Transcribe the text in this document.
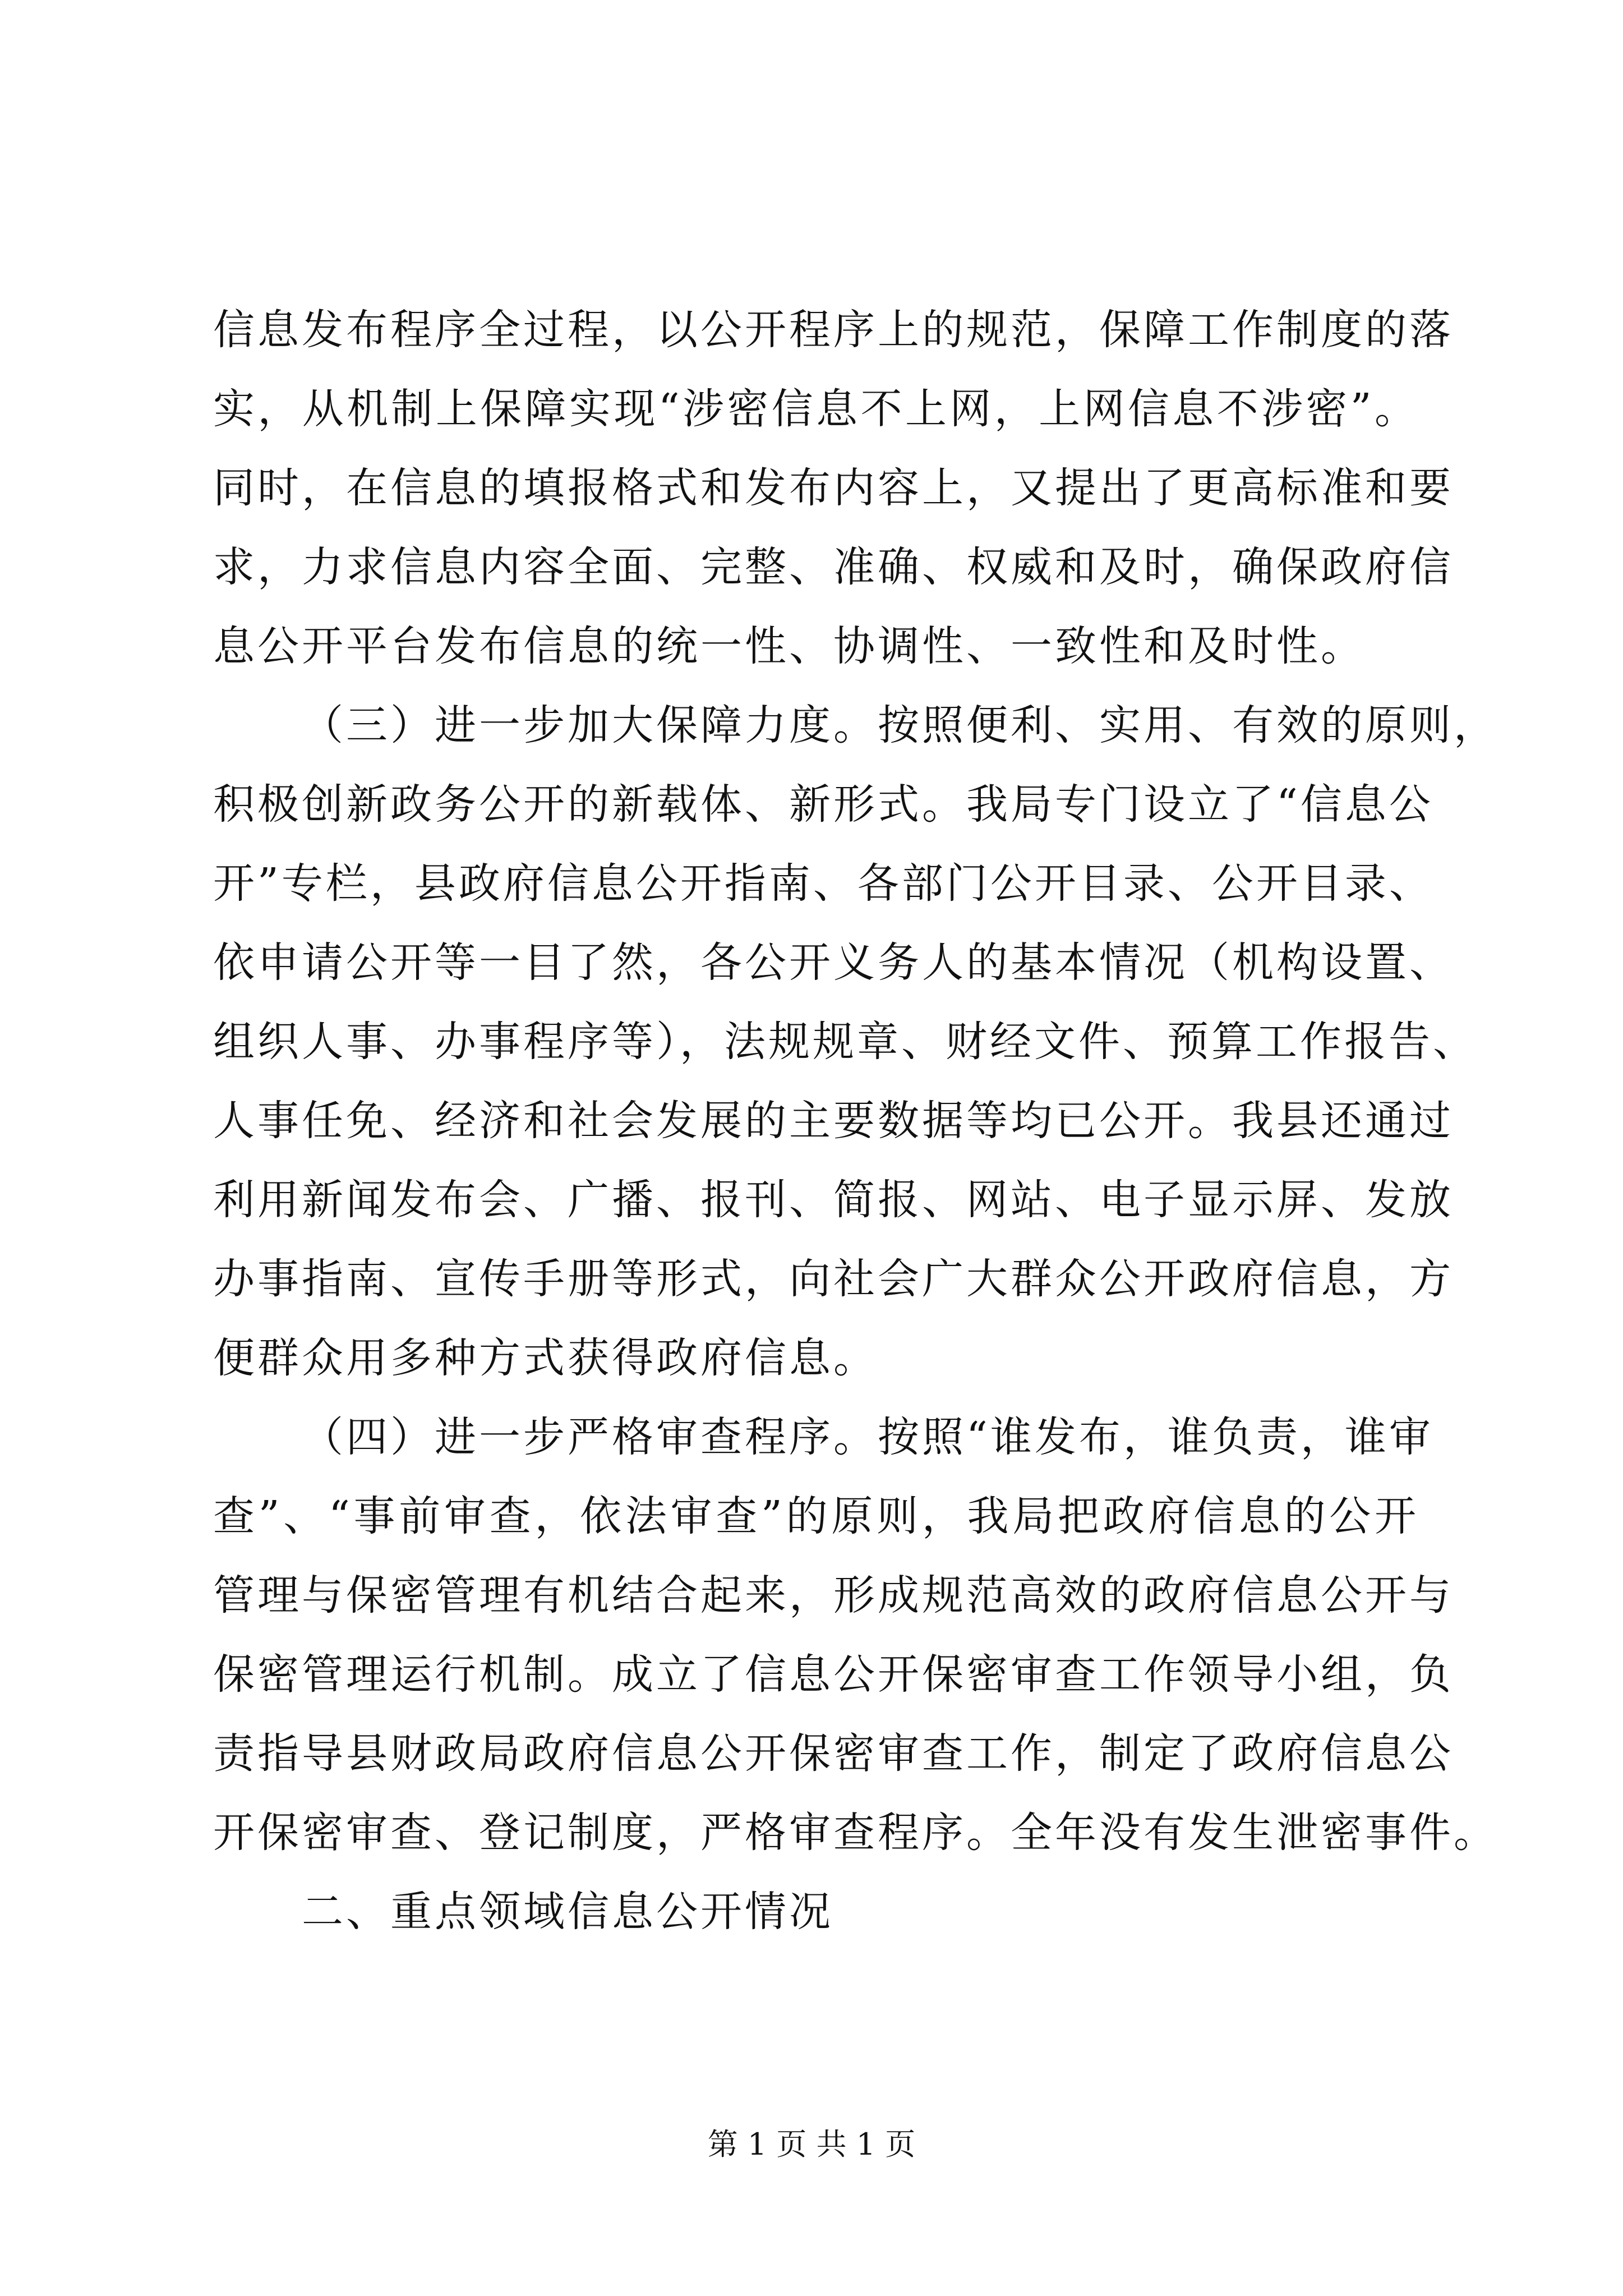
信息发布程序全过程，以公开程序上的规范，保障工作制度的落
实，从机制上保障实现“涉密信息不上网，上网信息不涉密”。
同时，在信息的填报格式和发布内容上，又提出了更高标准和要
求，力求信息内容全面、完整、准确、权威和及时，确保政府信
息公开平台发布信息的统一性、协调性、一致性和及时性。
（三）进一步加大保障力度。按照便利、实用、有效的原则，
积极创新政务公开的新载体、新形式。我局专门设立了“信息公
开”专栏，县政府信息公开指南、各部门公开目录、公开目录、
依申请公开等一目了然，各公开义务人的基本情况（机构设置、
组织人事、办事程序等），法规规章、财经文件、预算工作报告、
人事任免、经济和社会发展的主要数据等均已公开。我县还通过
利用新闻发布会、广播、报刊、简报、网站、电子显示屏、发放
办事指南、宣传手册等形式，向社会广大群众公开政府信息，方
便群众用多种方式获得政府信息。
（四）进一步严格审查程序。按照“谁发布，谁负责，谁审
查”、“事前审查，依法审查”的原则，我局把政府信息的公开
管理与保密管理有机结合起来，形成规范高效的政府信息公开与
保密管理运行机制。成立了信息公开保密审查工作领导小组，负
责指导县财政局政府信息公开保密审查工作，制定了政府信息公
开保密审查、登记制度，严格审查程序。全年没有发生泄密事件。
二、重点领域信息公开情况
第 1 页 共 1 页
